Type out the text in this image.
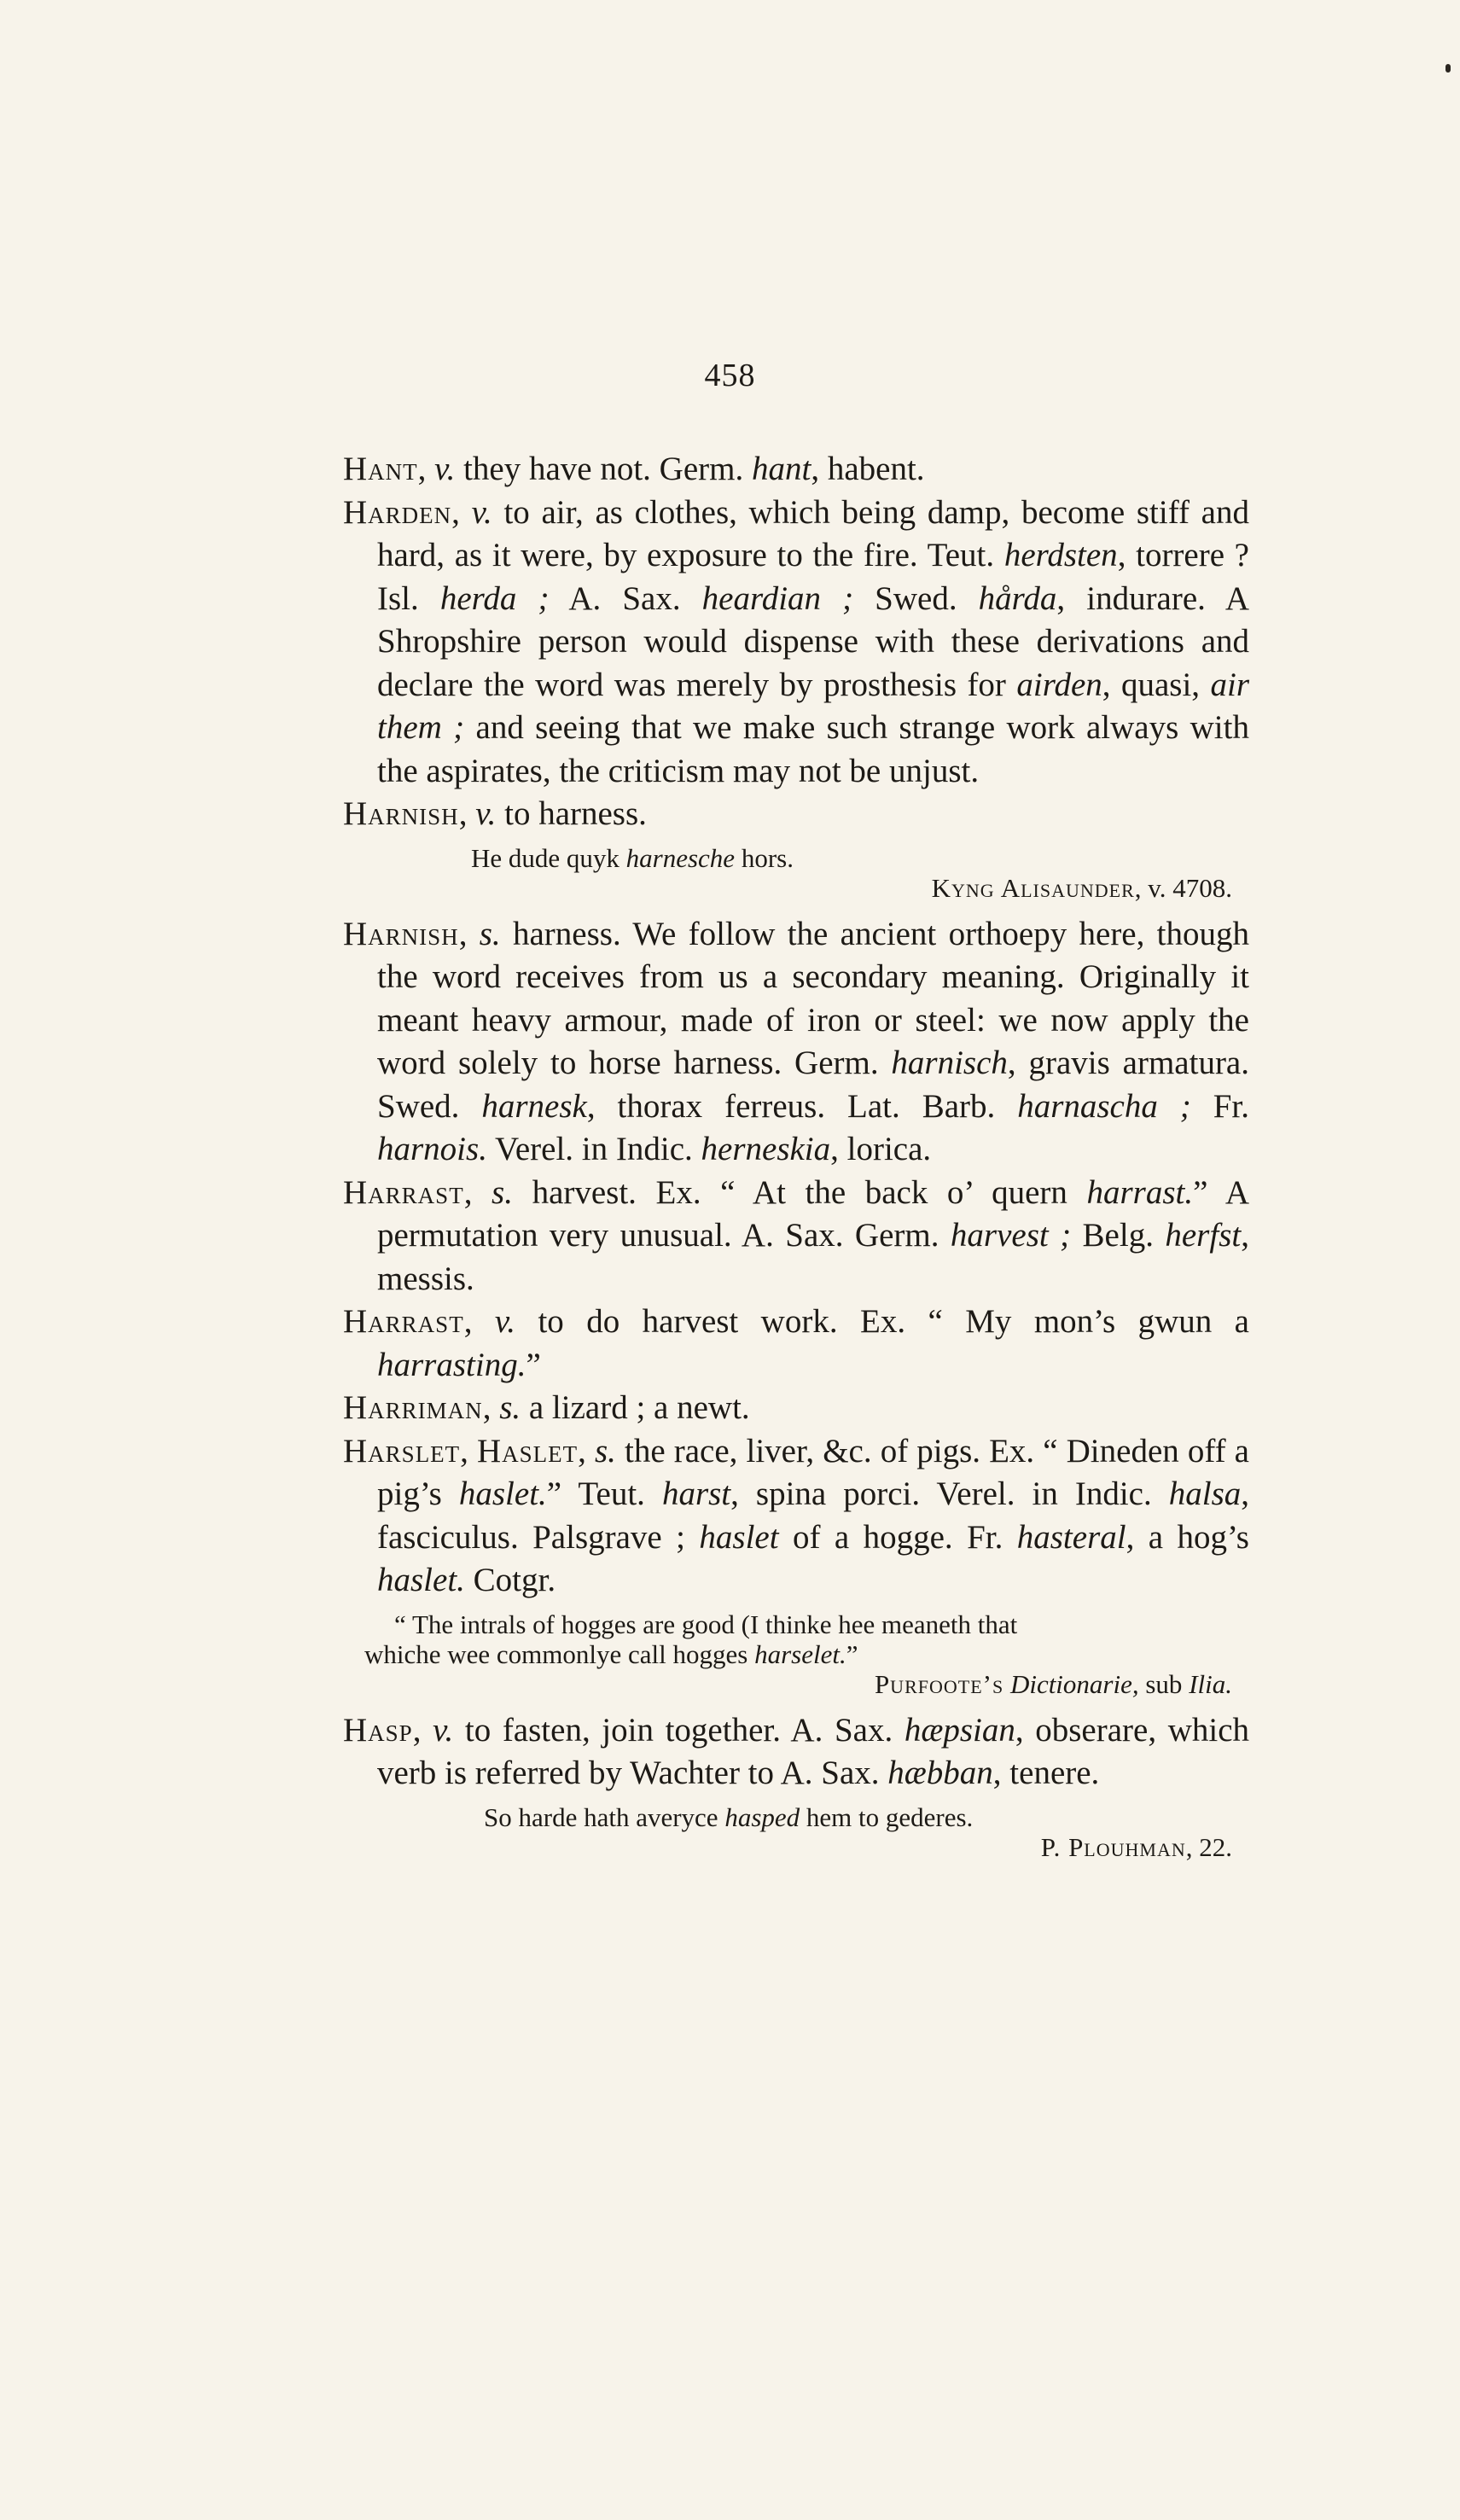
458

Hant, v. they have not. Germ. hant, habent.

Harden, v. to air, as clothes, which being damp, become stiff and hard, as it were, by exposure to the fire. Teut. herdsten, torrere ? Isl. herda ; A. Sax. heardian ; Swed. hårda, indurare. A Shropshire person would dispense with these derivations and declare the word was merely by prosthesis for airden, quasi, air them ; and seeing that we make such strange work always with the aspirates, the criticism may not be unjust.

Harnish, v. to harness.

He dude quyk harnesche hors.
Kyng Alisaunder, v. 4708.

Harnish, s. harness. We follow the ancient orthoepy here, though the word receives from us a secondary meaning. Originally it meant heavy armour, made of iron or steel: we now apply the word solely to horse harness. Germ. harnisch, gravis armatura. Swed. harnesk, thorax ferreus. Lat. Barb. harnascha ; Fr. harnois. Verel. in Indic. herneskia, lorica.

Harrast, s. harvest. Ex. “ At the back o’ quern harrast.” A permutation very unusual. A. Sax. Germ. harvest ; Belg. herfst, messis.

Harrast, v. to do harvest work. Ex. “ My mon’s gwun a harrasting.”

Harriman, s. a lizard ; a newt.

Harslet, Haslet, s. the race, liver, &c. of pigs. Ex. “ Dineden off a pig’s haslet.” Teut. harst, spina porci. Verel. in Indic. halsa, fasciculus. Palsgrave ; haslet of a hogge. Fr. hasteral, a hog’s haslet. Cotgr.

“ The intrals of hogges are good (I thinke hee meaneth that
whiche wee commonlye call hogges harselet.”
Purfoote’s Dictionarie, sub Ilia.

Hasp, v. to fasten, join together. A. Sax. hæpsian, obserare, which verb is referred by Wachter to A. Sax. hæbban, tenere.

So harde hath averyce hasped hem to gederes.
P. Plouhman, 22.
